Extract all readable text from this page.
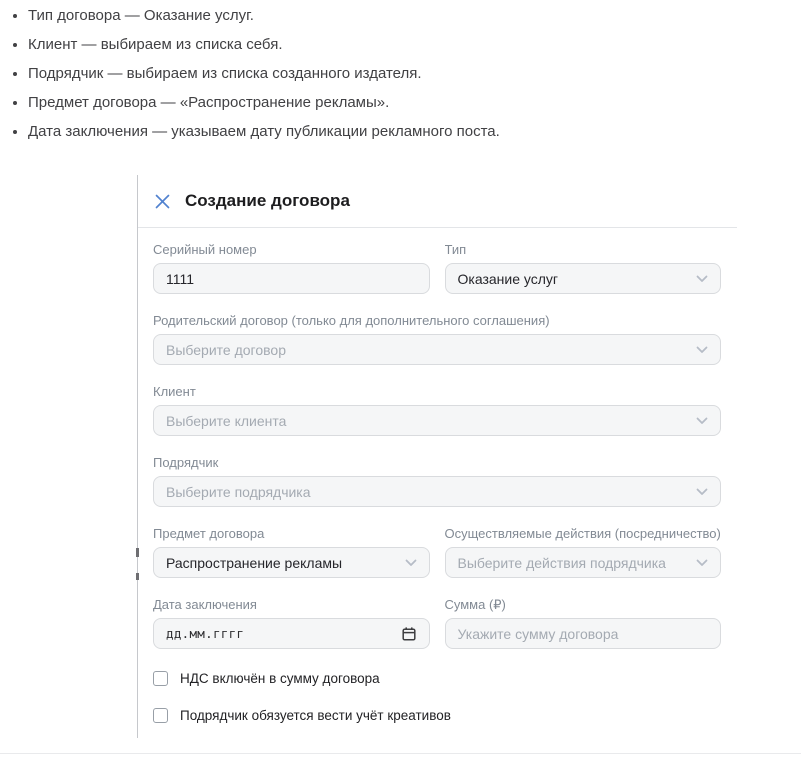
• Тип договора — Оказание услуг.
• Клиент — выбираем из списка себя.
• Подрядчик — выбираем из списка созданного издателя.
• Предмет договора — «Распространение рекламы».
• Дата заключения — указываем дату публикации рекламного поста.
Создание договора
Серийный номер
1111	Тип
Оказание услуг
Родительский договор (только для дополнительного соглашения)
Выберите договор
Клиент
Выберите клиента
Подрядчик
Выберите подрядчика
Предмет договора
Распространение рекламы
Осуществляемые действия (посредничество)
Выберите действия подрядчика
Дата заключения
дд.мм.гггг
Сумма (₽)
Укажите сумму договора
НДС включён в сумму договора
Подрядчик обязуется вести учёт креативов
